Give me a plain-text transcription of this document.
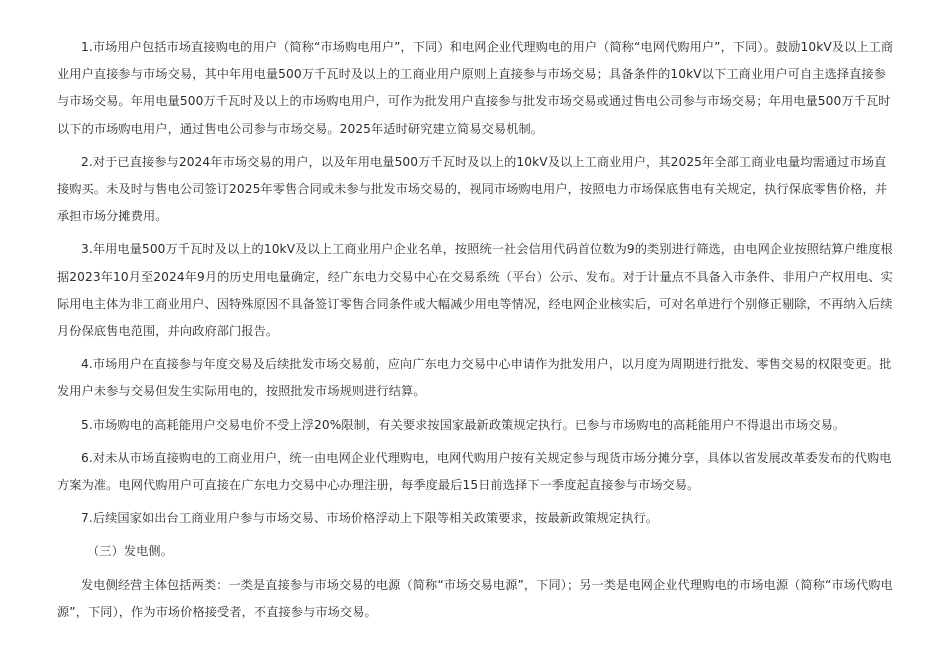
1.市场用户包括市场直接购电的用户（简称“市场购电用户”，下同）和电网企业代理购电的用户（简称“电网代购用户”，下同）。鼓励10kV及以上工商业用户直接参与市场交易，其中年用电量500万千瓦时及以上的工商业用户原则上直接参与市场交易；具备条件的10kV以下工商业用户可自主选择直接参与市场交易。年用电量500万千瓦时及以上的市场购电用户，可作为批发用户直接参与批发市场交易或通过售电公司参与市场交易；年用电量500万千瓦时以下的市场购电用户，通过售电公司参与市场交易。2025年适时研究建立简易交易机制。

2.对于已直接参与2024年市场交易的用户，以及年用电量500万千瓦时及以上的10kV及以上工商业用户，其2025年全部工商业电量均需通过市场直接购买。未及时与售电公司签订2025年零售合同或未参与批发市场交易的，视同市场购电用户，按照电力市场保底售电有关规定，执行保底零售价格，并承担市场分摊费用。

3.年用电量500万千瓦时及以上的10kV及以上工商业用户企业名单，按照统一社会信用代码首位数为9的类别进行筛选，由电网企业按照结算户维度根据2023年10月至2024年9月的历史用电量确定，经广东电力交易中心在交易系统（平台）公示、发布。对于计量点不具备入市条件、非用户产权用电、实际用电主体为非工商业用户、因特殊原因不具备签订零售合同条件或大幅减少用电等情况，经电网企业核实后，可对名单进行个别修正剔除，不再纳入后续月份保底售电范围，并向政府部门报告。

4.市场用户在直接参与年度交易及后续批发市场交易前，应向广东电力交易中心申请作为批发用户，以月度为周期进行批发、零售交易的权限变更。批发用户未参与交易但发生实际用电的，按照批发市场规则进行结算。

5.市场购电的高耗能用户交易电价不受上浮20%限制，有关要求按国家最新政策规定执行。已参与市场购电的高耗能用户不得退出市场交易。

6.对未从市场直接购电的工商业用户，统一由电网企业代理购电，电网代购用户按有关规定参与现货市场分摊分享，具体以省发展改革委发布的代购电方案为准。电网代购用户可直接在广东电力交易中心办理注册，每季度最后15日前选择下一季度起直接参与市场交易。

7.后续国家如出台工商业用户参与市场交易、市场价格浮动上下限等相关政策要求，按最新政策规定执行。

（三）发电侧。

发电侧经营主体包括两类：一类是直接参与市场交易的电源（简称“市场交易电源”，下同）；另一类是电网企业代理购电的市场电源（简称“市场代购电源”，下同），作为市场价格接受者，不直接参与市场交易。
